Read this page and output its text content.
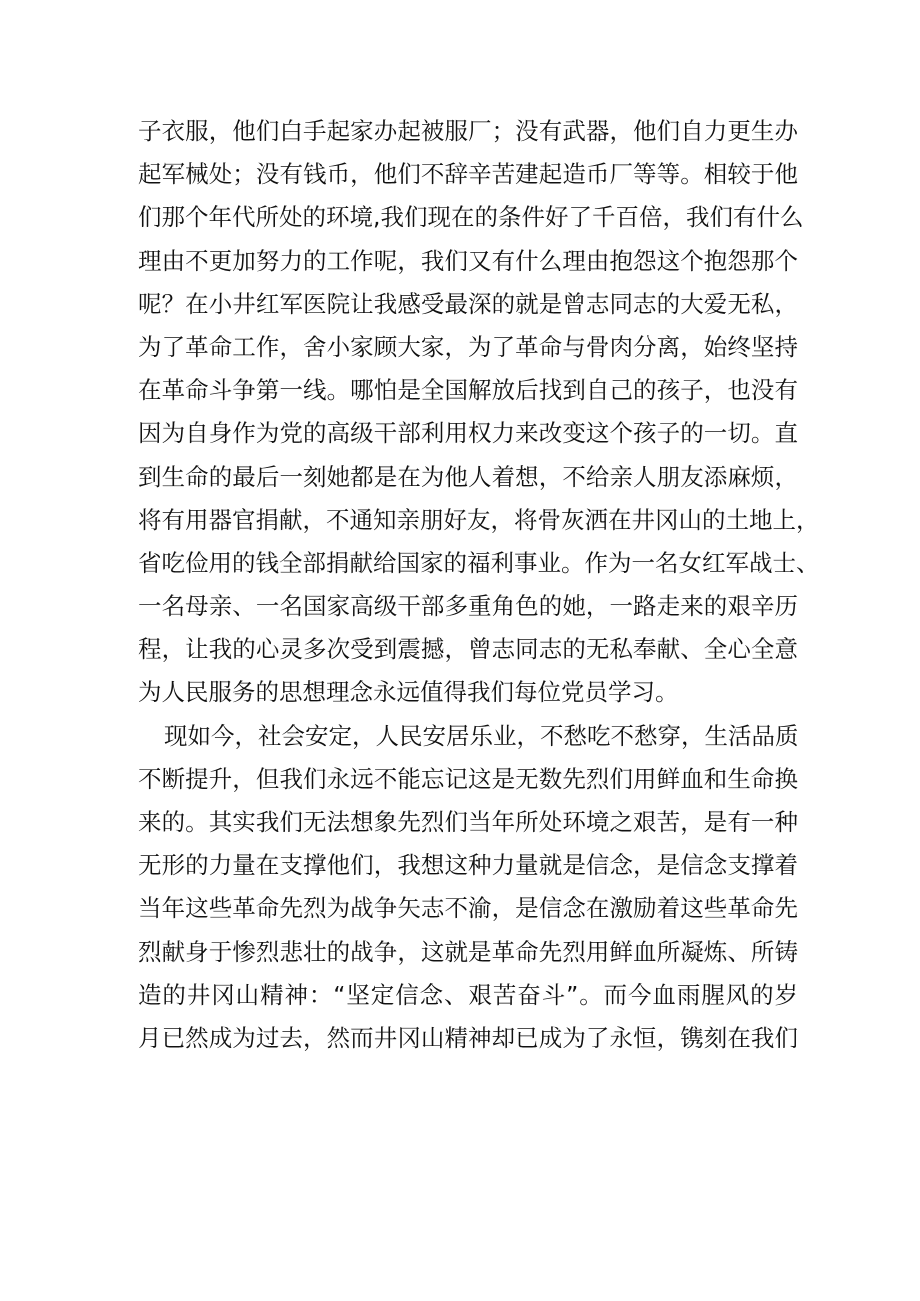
子衣服，他们白手起家办起被服厂；没有武器，他们自力更生办
起军械处；没有钱币，他们不辞辛苦建起造币厂等等。相较于他
们那个年代所处的环境,我们现在的条件好了千百倍，我们有什么
理由不更加努力的工作呢，我们又有什么理由抱怨这个抱怨那个
呢？在小井红军医院让我感受最深的就是曾志同志的大爱无私，
为了革命工作，舍小家顾大家，为了革命与骨肉分离，始终坚持
在革命斗争第一线。哪怕是全国解放后找到自己的孩子，也没有
因为自身作为党的高级干部利用权力来改变这个孩子的一切。直
到生命的最后一刻她都是在为他人着想，不给亲人朋友添麻烦，
将有用器官捐献，不通知亲朋好友，将骨灰洒在井冈山的土地上，
省吃俭用的钱全部捐献给国家的福利事业。作为一名女红军战士、
一名母亲、一名国家高级干部多重角色的她，一路走来的艰辛历
程，让我的心灵多次受到震撼，曾志同志的无私奉献、全心全意
为人民服务的思想理念永远值得我们每位党员学习。
现如今，社会安定，人民安居乐业，不愁吃不愁穿，生活品质
不断提升，但我们永远不能忘记这是无数先烈们用鲜血和生命换
来的。其实我们无法想象先烈们当年所处环境之艰苦，是有一种
无形的力量在支撑他们，我想这种力量就是信念，是信念支撑着
当年这些革命先烈为战争矢志不渝，是信念在激励着这些革命先
烈献身于惨烈悲壮的战争，这就是革命先烈用鲜血所凝炼、所铸
造的井冈山精神：“坚定信念、艰苦奋斗”。而今血雨腥风的岁
月已然成为过去，然而井冈山精神却已成为了永恒，镌刻在我们
